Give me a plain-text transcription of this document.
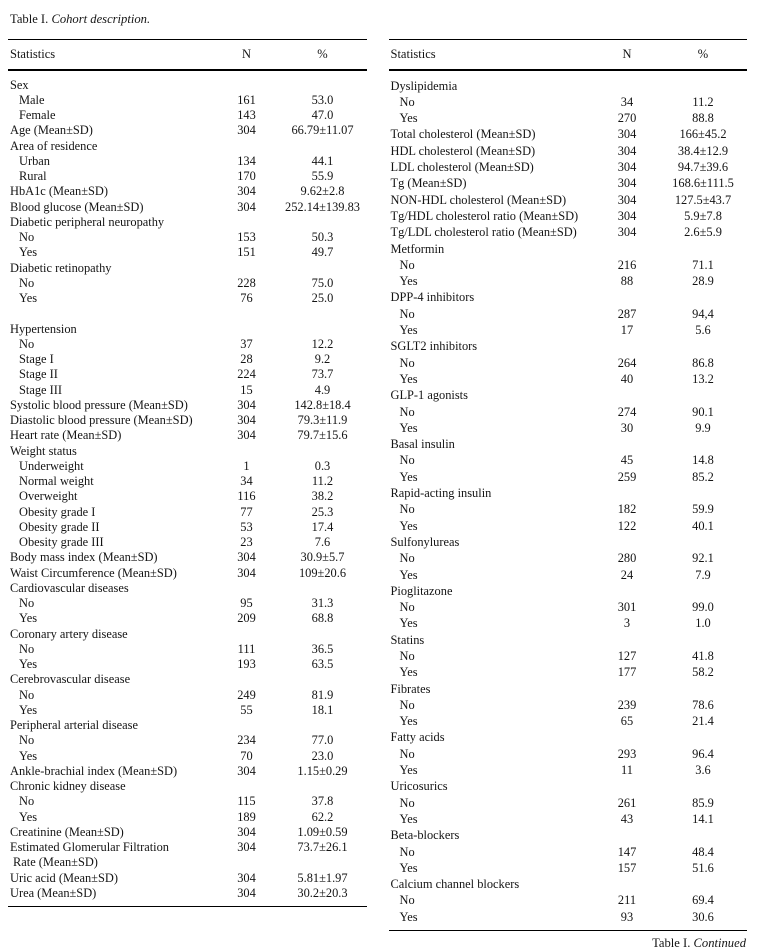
Table I. Cohort description.
Statistics	N	%
Sex
Male	161	53.0
Female	143	47.0
Age (Mean±SD)	304	66.79±11.07
Area of residence
Urban	134	44.1
Rural	170	55.9
HbA1c (Mean±SD)	304	9.62±2.8
Blood glucose (Mean±SD)	304	252.14±139.83
Diabetic peripheral neuropathy
No	153	50.3
Yes	151	49.7
Diabetic retinopathy
No	228	75.0
Yes	76	25.0
Hypertension
No	37	12.2
Stage I	28	9.2
Stage II	224	73.7
Stage III	15	4.9
Systolic blood pressure (Mean±SD)	304	142.8±18.4
Diastolic blood pressure (Mean±SD)	304	79.3±11.9
Heart rate (Mean±SD)	304	79.7±15.6
Weight status
Underweight	1	0.3
Normal weight	34	11.2
Overweight	116	38.2
Obesity grade I	77	25.3
Obesity grade II	53	17.4
Obesity grade III	23	7.6
Body mass index (Mean±SD)	304	30.9±5.7
Waist Circumference (Mean±SD)	304	109±20.6
Cardiovascular diseases
No	95	31.3
Yes	209	68.8
Coronary artery disease
No	111	36.5
Yes	193	63.5
Cerebrovascular disease
No	249	81.9
Yes	55	18.1
Peripheral arterial disease
No	234	77.0
Yes	70	23.0
Ankle-brachial index (Mean±SD)	304	1.15±0.29
Chronic kidney disease
No	115	37.8
Yes	189	62.2
Creatinine (Mean±SD)	304	1.09±0.59
Estimated Glomerular Filtration
Rate (Mean±SD)
304	73.7±26.1
Uric acid (Mean±SD)	304	5.81±1.97
Urea (Mean±SD)	304	30.2±20.3
Statistics	N	%
Dyslipidemia
No	34	11.2
Yes	270	88.8
Total cholesterol (Mean±SD)	304	166±45.2
HDL cholesterol (Mean±SD)	304	38.4±12.9
LDL cholesterol (Mean±SD)	304	94.7±39.6
Tg (Mean±SD)	304	168.6±111.5
NON-HDL cholesterol (Mean±SD)	304	127.5±43.7
Tg/HDL cholesterol ratio (Mean±SD)	304	5.9±7.8
Tg/LDL cholesterol ratio (Mean±SD)	304	2.6±5.9
Metformin
No	216	71.1
Yes	88	28.9
DPP-4 inhibitors
No	287	94,4
Yes	17	5.6
SGLT2 inhibitors
No	264	86.8
Yes	40	13.2
GLP-1 agonists
No	274	90.1
Yes	30	9.9
Basal insulin
No	45	14.8
Yes	259	85.2
Rapid-acting insulin
No	182	59.9
Yes	122	40.1
Sulfonylureas
No	280	92.1
Yes	24	7.9
Pioglitazone
No	301	99.0
Yes	3	1.0
Statins
No	127	41.8
Yes	177	58.2
Fibrates
No	239	78.6
Yes	65	21.4
Fatty acids
No	293	96.4
Yes	11	3.6
Uricosurics
No	261	85.9
Yes	43	14.1
Beta-blockers
No	147	48.4
Yes	157	51.6
Calcium channel blockers
No	211	69.4
Yes	93	30.6
Table I. Continued
